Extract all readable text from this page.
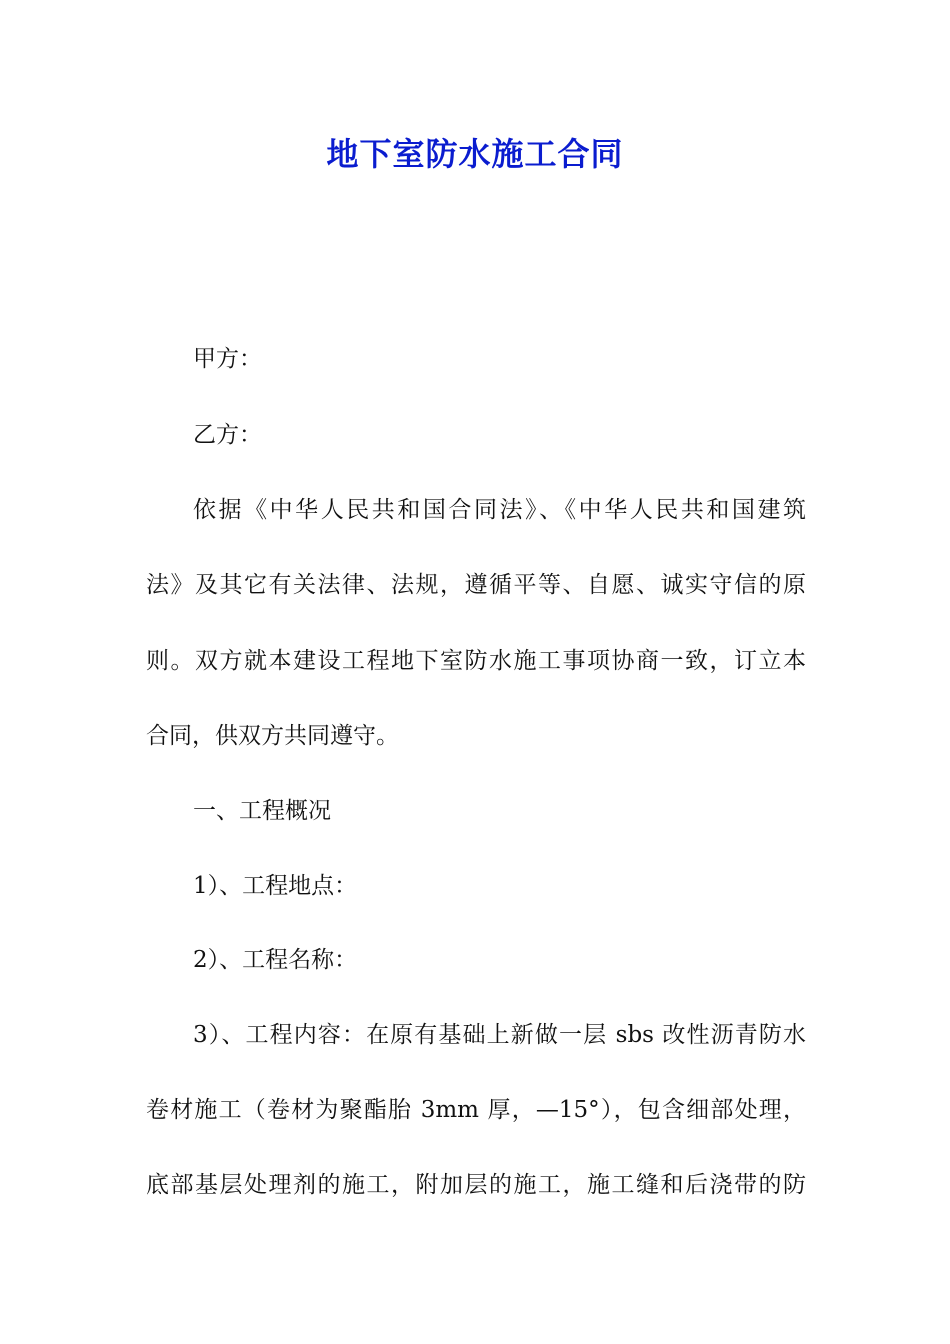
地下室防水施工合同
甲方：
乙方：
依据《中华人民共和国合同法》、《中华人民共和国建筑
法》及其它有关法律、法规，遵循平等、自愿、诚实守信的原
则。双方就本建设工程地下室防水施工事项协商一致，订立本
合同，供双方共同遵守。
一、工程概况
1）、工程地点：
2）、工程名称：
3）、工程内容：在原有基础上新做一层 sbs 改性沥青防水
卷材施工（卷材为聚酯胎 3mm 厚，—15°），包含细部处理，
底部基层处理剂的施工，附加层的施工，施工缝和后浇带的防
